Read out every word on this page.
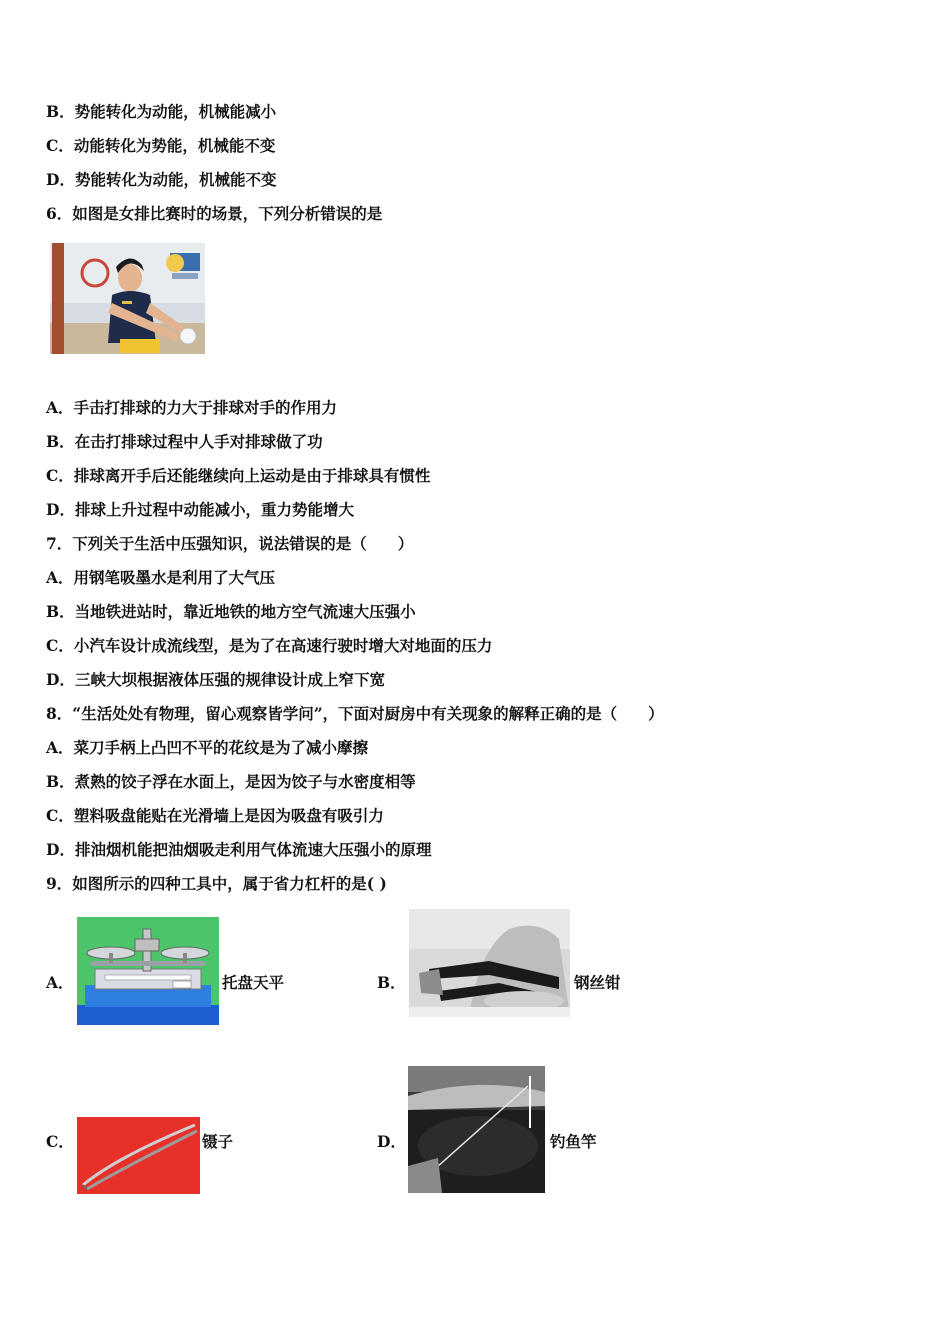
B．势能转化为动能，机械能减小
C．动能转化为势能，机械能不变
D．势能转化为动能，机械能不变
6．如图是女排比赛时的场景，下列分析错误的是
A．手击打排球的力大于排球对手的作用力
B．在击打排球过程中人手对排球做了功
C．排球离开手后还能继续向上运动是由于排球具有惯性
D．排球上升过程中动能减小，重力势能增大
7．下列关于生活中压强知识，说法错误的是（　　）
A．用钢笔吸墨水是利用了大气压
B．当地铁进站时，靠近地铁的地方空气流速大压强小
C．小汽车设计成流线型，是为了在高速行驶时增大对地面的压力
D．三峡大坝根据液体压强的规律设计成上窄下宽
8．“生活处处有物理，留心观察皆学问”，下面对厨房中有关现象的解释正确的是（　　）
A．菜刀手柄上凸凹不平的花纹是为了减小摩擦
B．煮熟的饺子浮在水面上，是因为饺子与水密度相等
C．塑料吸盘能贴在光滑墙上是因为吸盘有吸引力
D．排油烟机能把油烟吸走利用气体流速大压强小的原理
9．如图所示的四种工具中，属于省力杠杆的是( )
A．	托盘天平	B．	钢丝钳
C．	镊子	D．	钓鱼竿
